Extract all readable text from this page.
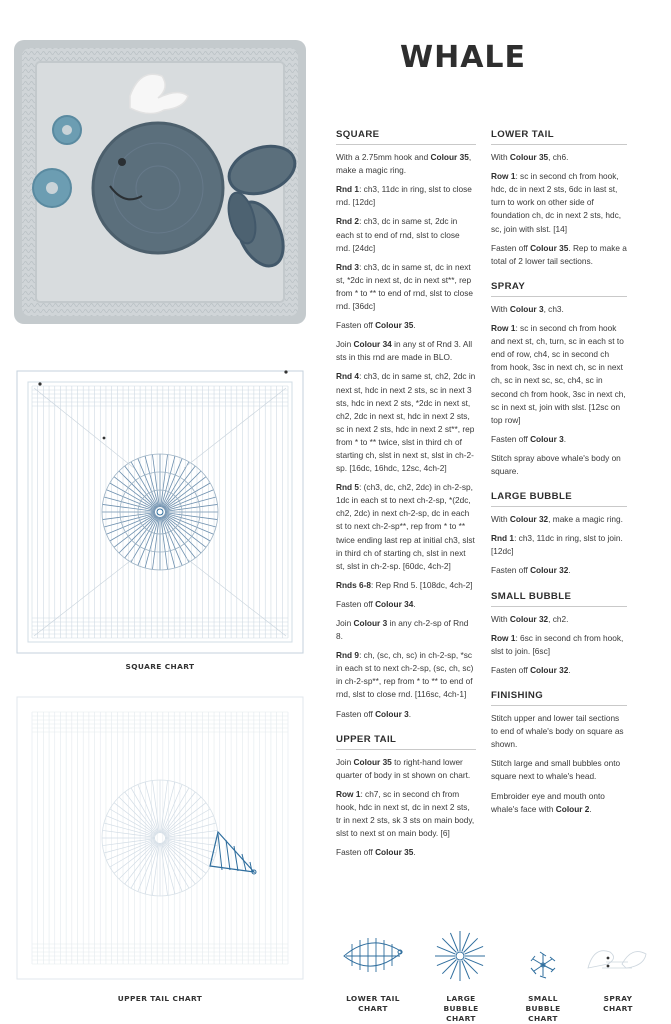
WHALE
SQUARE CHART
UPPER TAIL CHART
SQUARE

With a 2.75mm hook and Colour 35, make a magic ring.

Rnd 1: ch3, 11dc in ring, slst to close rnd. [12dc]

Rnd 2: ch3, dc in same st, 2dc in each st to end of rnd, slst to close rnd. [24dc]

Rnd 3: ch3, dc in same st, dc in next st, *2dc in next st, dc in next st**, rep from * to ** to end of rnd, slst to close rnd. [36dc]

Fasten off Colour 35.

Join Colour 34 in any st of Rnd 3. All sts in this rnd are made in BLO.

Rnd 4: ch3, dc in same st, ch2, 2dc in next st, hdc in next 2 sts, sc in next 3 sts, hdc in next 2 sts, *2dc in next st, ch2, 2dc in next st, hdc in next 2 sts, sc in next 2 sts, hdc in next 2 st**, rep from * to ** twice, slst in third ch of starting ch, slst in next st, slst in ch-2-sp. [16dc, 16hdc, 12sc, 4ch-2]

Rnd 5: (ch3, dc, ch2, 2dc) in ch-2-sp, 1dc in each st to next ch-2-sp, *(2dc, ch2, 2dc) in next ch-2-sp, dc in each st to next ch-2-sp**, rep from * to ** twice ending last rep at initial ch3, slst in third ch of starting ch, slst in next st, slst in ch-2-sp. [60dc, 4ch-2]

Rnds 6-8: Rep Rnd 5. [108dc, 4ch-2]

Fasten off Colour 34.

Join Colour 3 in any ch-2-sp of Rnd 8.

Rnd 9: ch, (sc, ch, sc) in ch-2-sp, *sc in each st to next ch-2-sp, (sc, ch, sc) in ch-2-sp**, rep from * to ** to end of rnd, slst to close rnd. [116sc, 4ch-1]

Fasten off Colour 3.

UPPER TAIL

Join Colour 35 to right-hand lower quarter of body in st shown on chart.

Row 1: ch7, sc in second ch from hook, hdc in next st, dc in next 2 sts, tr in next 2 sts, sk 3 sts on main body, slst to next st on main body. [6]

Fasten off Colour 35.

LOWER TAIL

With Colour 35, ch6.

Row 1: sc in second ch from hook, hdc, dc in next 2 sts, 6dc in last st, turn to work on other side of foundation ch, dc in next 2 sts, hdc, sc, join with slst. [14]

Fasten off Colour 35. Rep to make a total of 2 lower tail sections.

SPRAY

With Colour 3, ch3.

Row 1: sc in second ch from hook and next st, ch, turn, sc in each st to end of row, ch4, sc in second ch from hook, 3sc in next ch, sc in next ch, sc in next sc, sc, ch4, sc in second ch from hook, 3sc in next ch, sc in next st, join with slst. [12sc on top row]

Fasten off Colour 3.

Stitch spray above whale's body on square.

LARGE BUBBLE

With Colour 32, make a magic ring.

Rnd 1: ch3, 11dc in ring, slst to join. [12dc]

Fasten off Colour 32.

SMALL BUBBLE

With Colour 32, ch2.

Row 1: 6sc in second ch from hook, slst to join. [6sc]

Fasten off Colour 32.

FINISHING

Stitch upper and lower tail sections to end of whale's body on square as shown.

Stitch large and small bubbles onto square next to whale's head.

Embroider eye and mouth onto whale's face with Colour 2.

LOWER TAIL CHART
LARGE BUBBLE CHART
SMALL BUBBLE CHART
SPRAY CHART
